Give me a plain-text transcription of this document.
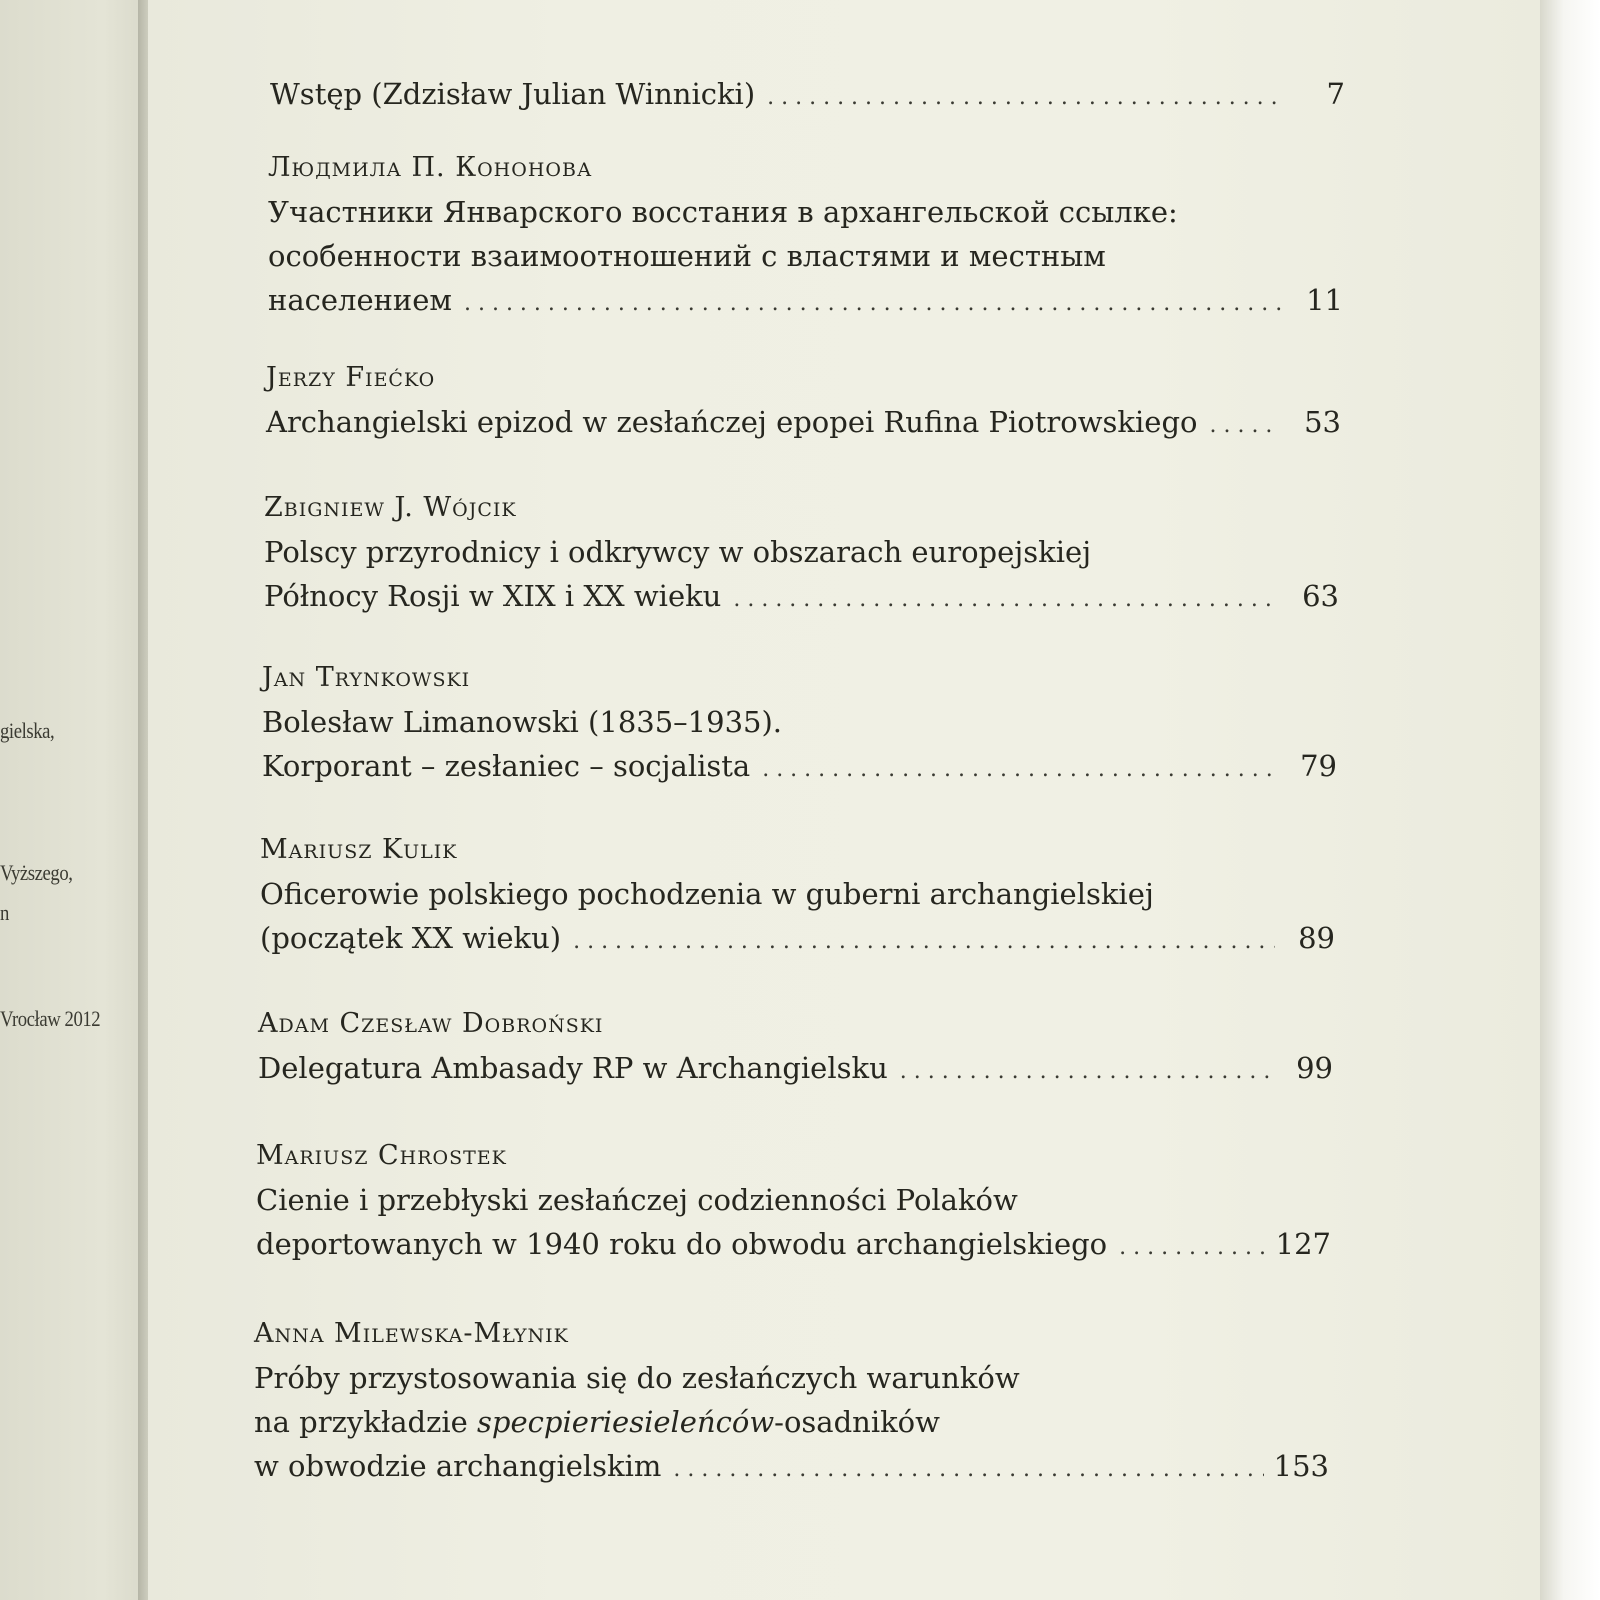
gielska,
Vyższego,
n
Vrocław 2012
Wstęp (Zdzisław Julian Winnicki) . . .	7
Людмила П. Кононова
Участники Январского восстания в архангельской ссылке:
особенности взаимоотношений с властями и местным
населением . . .	11
Jerzy Fiećko
Archangielski epizod w zesłańczej epopei Rufina Piotrowskiego . . .	53
Zbigniew J. Wójcik
Polscy przyrodnicy i odkrywcy w obszarach europejskiej
Północy Rosji w XIX i XX wieku . . .	63
Jan Trynkowski
Bolesław Limanowski (1835–1935).
Korporant – zesłaniec – socjalista . . .	79
Mariusz Kulik
Oficerowie polskiego pochodzenia w guberni archangielskiej
(początek XX wieku) . . .	89
Adam Czesław Dobroński
Delegatura Ambasady RP w Archangielsku . . .	99
Mariusz Chrostek
Cienie i przebłyski zesłańczej codzienności Polaków
deportowanych w 1940 roku do obwodu archangielskiego . . .	127
Anna Milewska-Młynik
Próby przystosowania się do zesłańczych warunków
na przykładzie specpieriesieleńców-osadników
w obwodzie archangielskim . . .	153
